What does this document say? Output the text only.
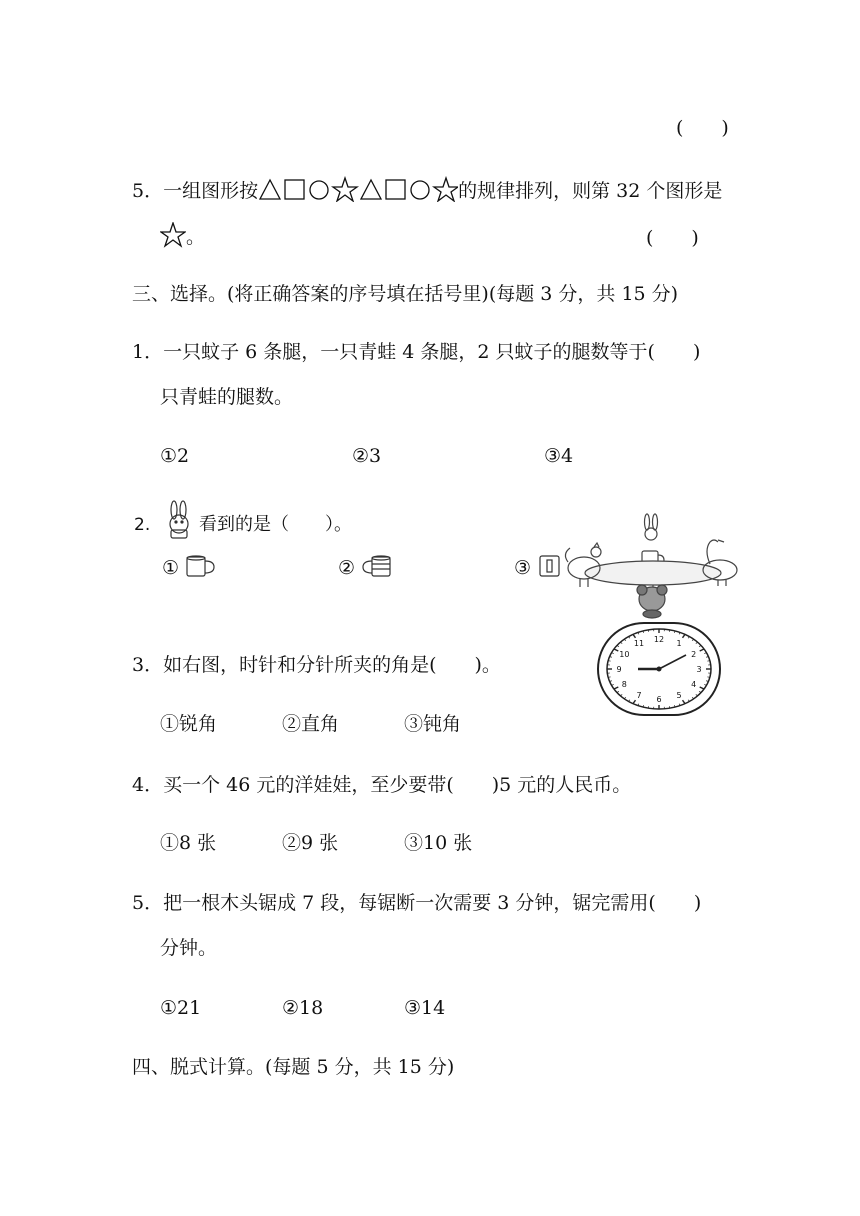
(　　)
5．一组图形按	的规律排列，则第 32 个图形是
。	(　　)
三、选择。(将正确答案的序号填在括号里)(每题 3 分，共 15 分)
1．一只蚊子 6 条腿，一只青蛙 4 条腿，2 只蚊子的腿数等于(　　)
只青蛙的腿数。
①2	②3	③4
2.	看到的是（　　）。
①	②	③
3．如右图，时针和分针所夹的角是(　　)。
①锐角	②直角	③钝角
12 1
2
3
4
5
6
7
8
9
10
11
4．买一个 46 元的洋娃娃，至少要带(　　)5 元的人民币。
①8 张	②9 张	③10 张
5．把一根木头锯成 7 段，每锯断一次需要 3 分钟，锯完需用(　　)
分钟。
①21	②18	③14
四、脱式计算。(每题 5 分，共 15 分)
